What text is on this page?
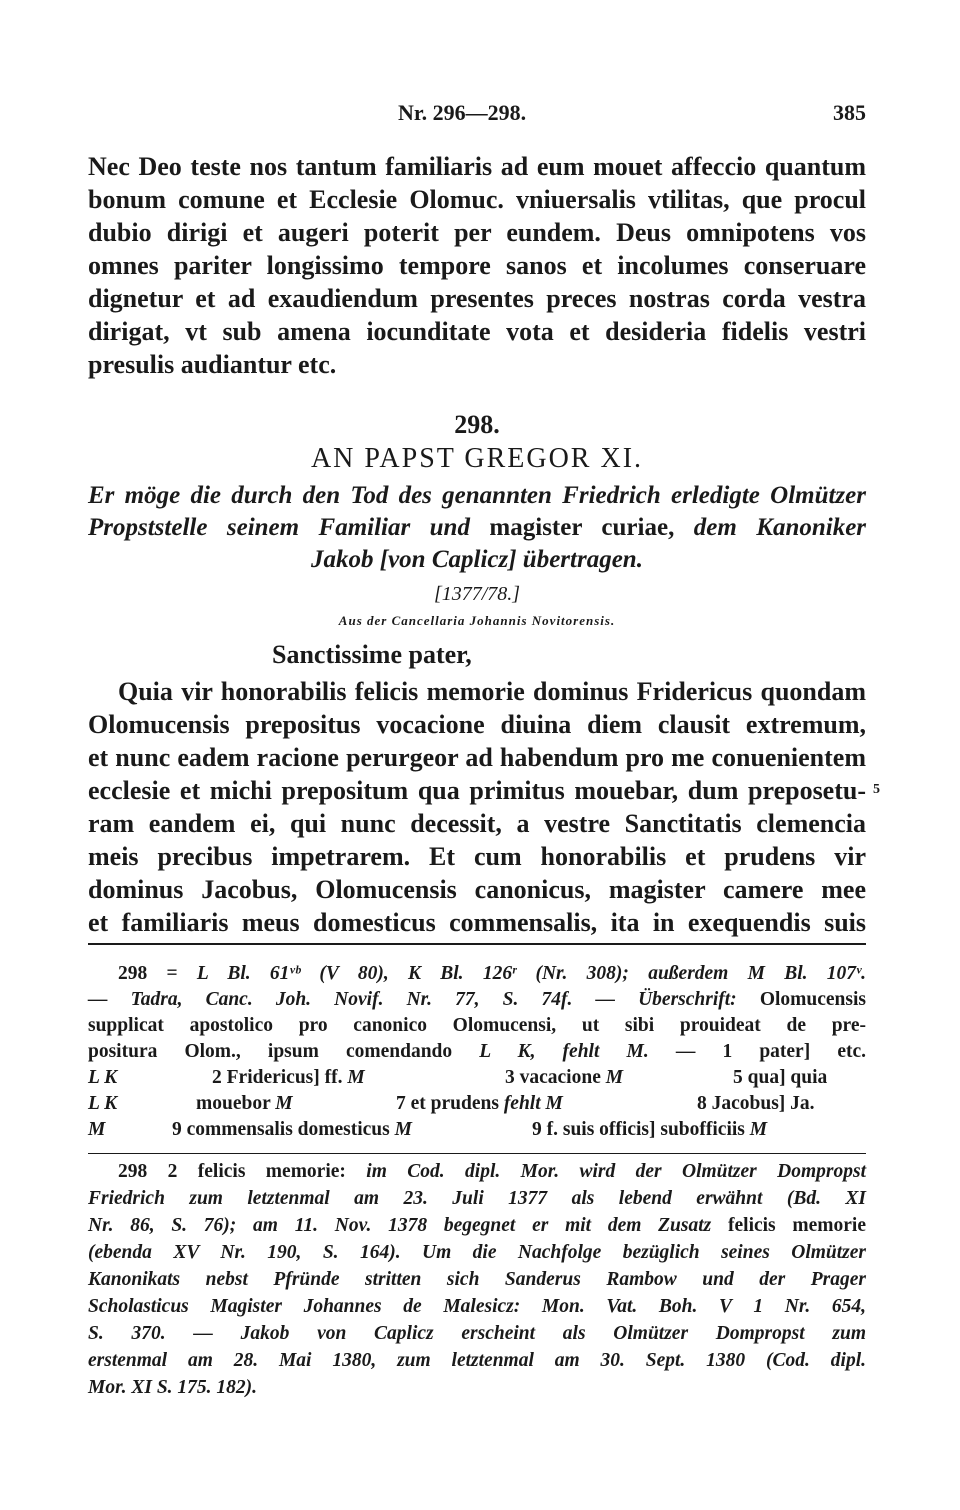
Nr. 296—298.	385
Nec Deo teste nos tantum familiaris ad eum mouet affeccio quantum
bonum comune et Ecclesie Olomuc. vniuersalis vtilitas, que procul
dubio dirigi et augeri poterit per eundem. Deus omnipotens vos
omnes pariter longissimo tempore sanos et incolumes conseruare
dignetur et ad exaudiendum presentes preces nostras corda vestra
dirigat, vt sub amena iocunditate vota et desideria fidelis vestri
presulis audiantur etc.
298.
AN PAPST GREGOR XI.
Er möge die durch den Tod des genannten Friedrich erledigte Olmützer
Propststelle seinem Familiar und magister curiae, dem Kanoniker
Jakob [von Caplicz] übertragen.
[1377/78.]
Aus der Cancellaria Johannis Novitorensis.
Sanctissime pater,
Quia vir honorabilis felicis memorie dominus Fridericus quondam
Olomucensis prepositus vocacione diuina diem clausit extremum,
et nunc eadem racione perurgeor ad habendum pro me conuenientem
ecclesie et michi prepositum qua primitus mouebar, dum preposetu-
ram eandem ei, qui nunc decessit, a vestre Sanctitatis clemencia
meis precibus impetrarem. Et cum honorabilis et prudens vir
dominus Jacobus, Olomucensis canonicus, magister camere mee
et familiaris meus domesticus commensalis, ita in exequendis suis
5
298 = L Bl. 61ᵛᵇ (V 80), K Bl. 126ʳ (Nr. 308); außerdem M Bl. 107ᵛ.
— Tadra, Canc. Joh. Novif. Nr. 77, S. 74f. — Überschrift: Olomucensis
supplicat apostolico pro canonico Olomucensi, ut sibi prouideat de pre-
positura Olom., ipsum comendando L K, fehlt M. — 1 pater] etc.
L K	2 Fridericus] ff. M	3 vacacione M	5 qua] quia
L K	mouebor M	7 et prudens fehlt M	8 Jacobus] Ja.
M	9 commensalis domesticus M	9 f. suis officis] subofficiis M
298 2 felicis memorie: im Cod. dipl. Mor. wird der Olmützer Dompropst
Friedrich zum letztenmal am 23. Juli 1377 als lebend erwähnt (Bd. XI
Nr. 86, S. 76); am 11. Nov. 1378 begegnet er mit dem Zusatz felicis memorie
(ebenda XV Nr. 190, S. 164). Um die Nachfolge bezüglich seines Olmützer
Kanonikats nebst Pfründe stritten sich Sanderus Rambow und der Prager
Scholasticus Magister Johannes de Malesicz: Mon. Vat. Boh. V 1 Nr. 654,
S. 370. — Jakob von Caplicz erscheint als Olmützer Dompropst zum
erstenmal am 28. Mai 1380, zum letztenmal am 30. Sept. 1380 (Cod. dipl.
Mor. XI S. 175. 182).
